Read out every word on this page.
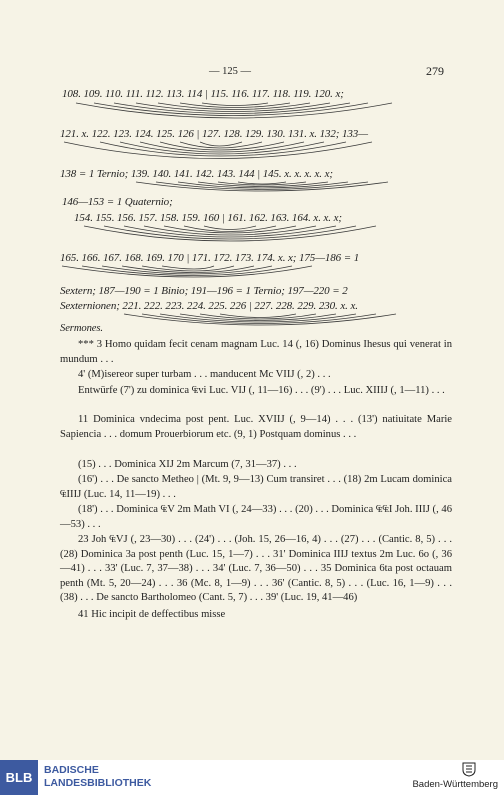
— 125 —	279
108. 109. 110. 111. 112. 113. 114 | 115. 116. 117. 118. 119. 120. x;
121. x. 122. 123. 124. 125. 126 | 127. 128. 129. 130. 131. x. 132; 133—
138 = 1 Ternio; 139. 140. 141. 142. 143. 144 | 145. x. x. x. x. x;
146—153 = 1 Quaternio;
154. 155. 156. 157. 158. 159. 160 | 161. 162. 163. 164. x. x. x;
165. 166. 167. 168. 169. 170 | 171. 172. 173. 174. x. x; 175—186 = 1
Sextern; 187—190 = 1 Binio; 191—196 = 1 Ternio; 197—220 = 2
Sexternionen; 221. 222. 223. 224. 225. 226 | 227. 228. 229. 230. x. x.
Sermones.
*** 3 Homo quidam fecit cenam magnam Luc. 14 (, 16) Dominus Ihesus qui venerat in mundum . . .
4' (M)isereor super turbam . . . manducent Mc VIIJ (, 2) . . .
Entwürfe (7') zu dominica ₠vi Luc. VIJ (, 11—16) . . . (9') . . . Luc. XIIIJ (, 1—11) . . .
11 Dominica vndecima post pent. Luc. XVIIJ (, 9—14) . . . (13') natiuitate Marie Sapiencia . . . domum Prouerbiorum etc. (9, 1) Postquam dominus . . .
(15) . . . Dominica XIJ 2m Marcum (7, 31—37) . . .
(16') . . . De sancto Metheo | (Mt. 9, 9—13) Cum transiret . . . (18) 2m Lucam dominica ₠IIIJ (Luc. 14, 11—19) . . .
(18') . . . Dominica ₠V 2m Math VI (, 24—33) . . . (20) . . . Dominica ₠₠I Joh. IIIJ (, 46—53) . . .
23 Joh ₠VJ (, 23—30) . . . (24') . . . (Joh. 15, 26—16, 4) . . . (27) . . . (Cantic. 8, 5) . . . (28) Dominica 3a post penth (Luc. 15, 1—7) . . . 31' Dominica IIIJ textus 2m Luc. 6o (, 36—41) . . . 33' (Luc. 7, 37—38) . . . 34' (Luc. 7, 36—50) . . . 35 Dominica 6ta post octauam penth (Mt. 5, 20—24) . . . 36 (Mc. 8, 1—9) . . . 36' (Cantic. 8, 5) . . . (Luc. 16, 1—9) . . . (38) . . . De sancto Bartholomeo (Cant. 5, 7) . . . 39' (Luc. 19, 41—46)
41 Hic incipit de deffectibus misse
BLB	BADISCHE
LANDESBIBLIOTHEK	Baden-Württemberg
